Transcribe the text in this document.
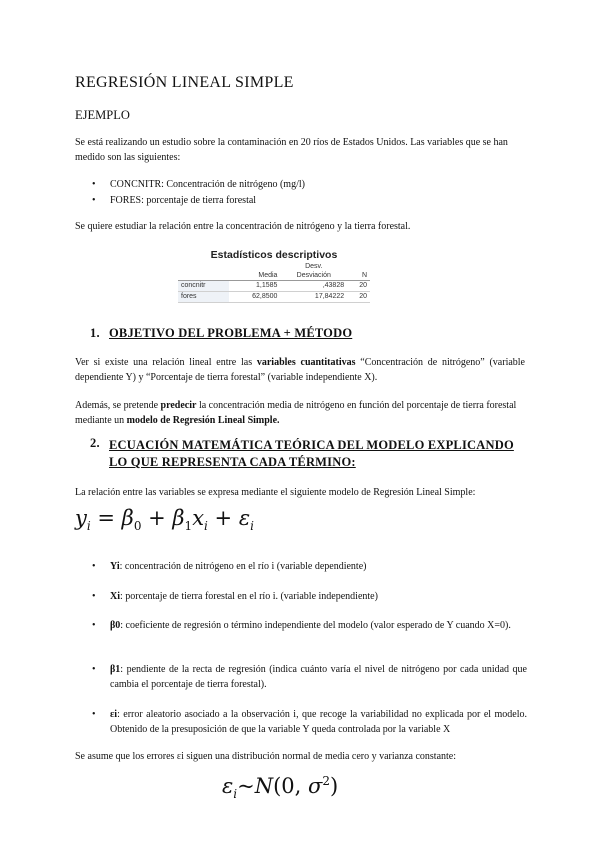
REGRESIÓN LINEAL SIMPLE
EJEMPLO
Se está realizando un estudio sobre la contaminación en 20 ríos de Estados Unidos. Las variables que se han medido son las siguientes:
• CONCNITR: Concentración de nitrógeno (mg/l)
• FORES: porcentaje de tierra forestal
Se quiere estudiar la relación entre la concentración de nitrógeno y la tierra forestal.
Estadísticos descriptivos
	Media	Desv.
Desviación	N
concnitr	1,1585	,43828	20
fores	62,8500	17,84222	20
1. OBJETIVO DEL PROBLEMA + MÉTODO
Ver si existe una relación lineal entre las variables cuantitativas “Concentración de nitrógeno” (variable dependiente Y) y “Porcentaje de tierra forestal” (variable independiente X).
Además, se pretende predecir la concentración media de nitrógeno en función del porcentaje de tierra forestal mediante un modelo de Regresión Lineal Simple.
2. ECUACIÓN MATEMÁTICA TEÓRICA DEL MODELO EXPLICANDO
LO QUE REPRESENTA CADA TÉRMINO:
La relación entre las variables se expresa mediante el siguiente modelo de Regresión Lineal Simple:
$y_i = \beta_0 + \beta_1x_i + \varepsilon_i$
• Yi: concentración de nitrógeno en el río i (variable dependiente)
• Xi: porcentaje de tierra forestal en el río i. (variable independiente)
• β0: coeficiente de regresión o término independiente del modelo (valor esperado de Y cuando X=0).
• β1: pendiente de la recta de regresión (indica cuánto varía el nivel de nitrógeno por cada unidad que cambia el porcentaje de tierra forestal).
• εi: error aleatorio asociado a la observación i, que recoge la variabilidad no explicada por el modelo. Obtenido de la presuposición de que la variable Y queda controlada por la variable X
Se asume que los errores εi siguen una distribución normal de media cero y varianza constante:
$\varepsilon_i\sim N(0$, $\sigma^2$)
